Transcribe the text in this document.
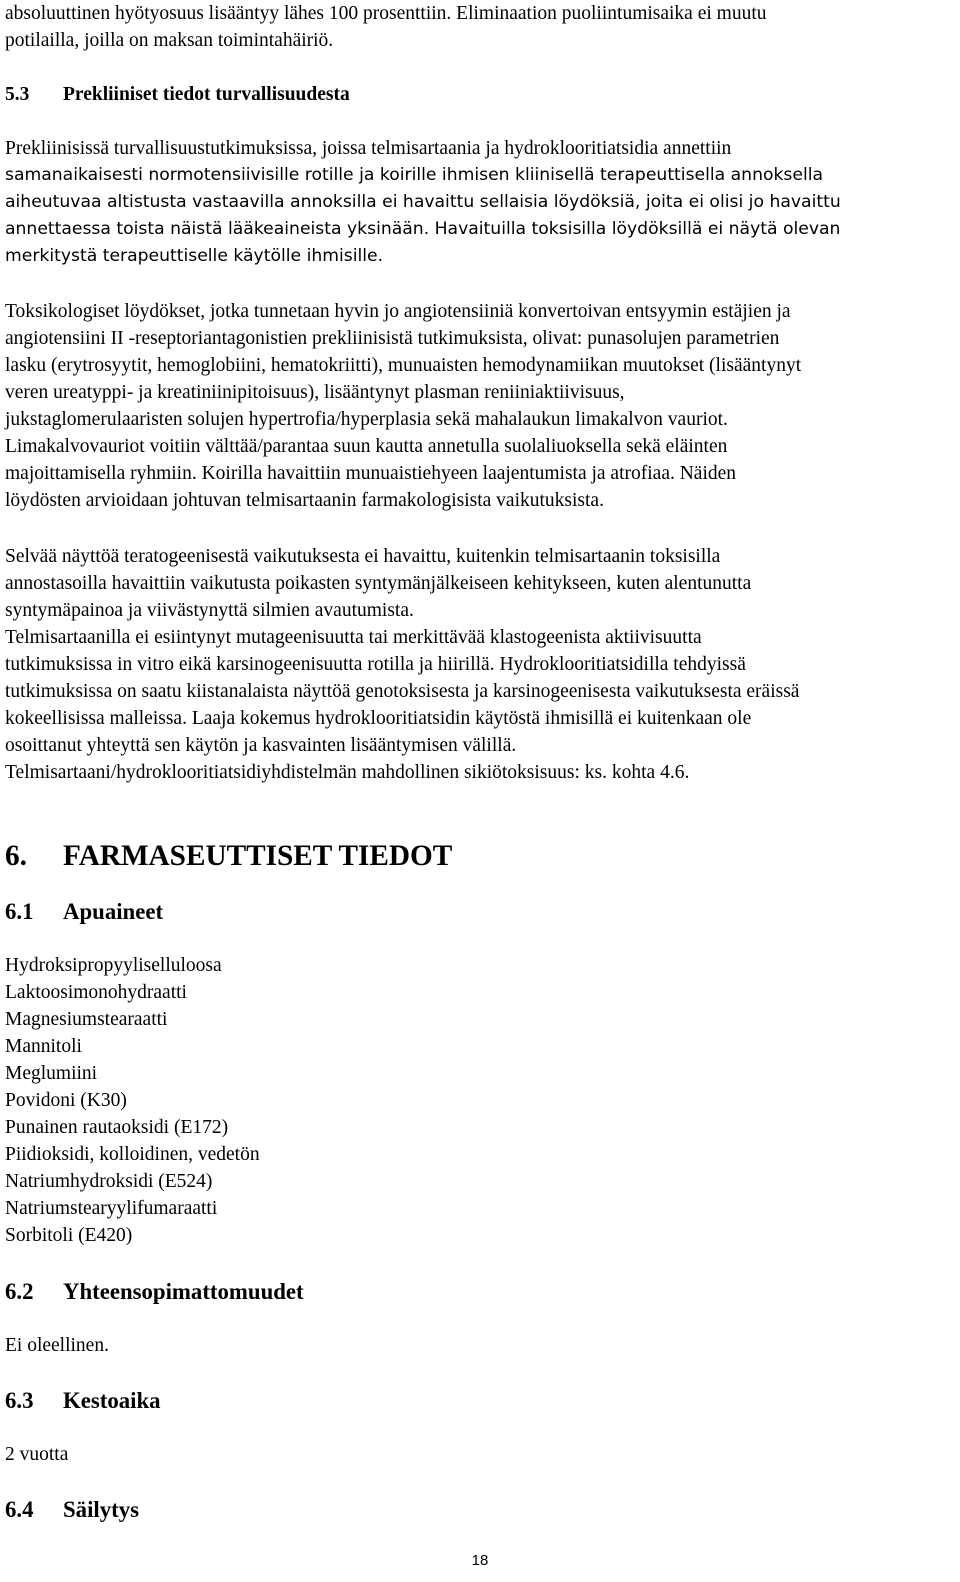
absoluuttinen hyötyosuus lisääntyy lähes 100 prosenttiin. Eliminaation puoliintumisaika ei muutu

potilailla, joilla on maksan toimintahäiriö.

5.3 Prekliiniset tiedot turvallisuudesta

Prekliinisissä turvallisuustutkimuksissa, joissa telmisartaania ja hydroklooritiatsidia annettiin

samanaikaisesti normotensiivisille rotille ja koirille ihmisen kliinisellä terapeuttisella annoksella

aiheutuvaa altistusta vastaavilla annoksilla ei havaittu sellaisia löydöksiä, joita ei olisi jo havaittu

annettaessa toista näistä lääkeaineista yksinään. Havaituilla toksisilla löydöksillä ei näytä olevan

merkitystä terapeuttiselle käytölle ihmisille.

Toksikologiset löydökset, jotka tunnetaan hyvin jo angiotensiiniä konvertoivan entsyymin estäjien ja

angiotensiini II -reseptoriantagonistien prekliinisistä tutkimuksista, olivat: punasolujen parametrien

lasku (erytrosyytit, hemoglobiini, hematokriitti), munuaisten hemodynamiikan muutokset (lisääntynyt

veren ureatyppi- ja kreatiniinipitoisuus), lisääntynyt plasman reniiniaktiivisuus,

jukstaglomerulaaristen solujen hypertrofia/hyperplasia sekä mahalaukun limakalvon vauriot.

Limakalvovauriot voitiin välttää/parantaa suun kautta annetulla suolaliuoksella sekä eläinten

majoittamisella ryhmiin. Koirilla havaittiin munuaistiehyeen laajentumista ja atrofiaa. Näiden

löydösten arvioidaan johtuvan telmisartaanin farmakologisista vaikutuksista.

Selvää näyttöä teratogeenisestä vaikutuksesta ei havaittu, kuitenkin telmisartaanin toksisilla

annostasoilla havaittiin vaikutusta poikasten syntymänjälkeiseen kehitykseen, kuten alentunutta

syntymäpainoa ja viivästynyttä silmien avautumista.

Telmisartaanilla ei esiintynyt mutageenisuutta tai merkittävää klastogeenista aktiivisuutta

tutkimuksissa in vitro eikä karsinogeenisuutta rotilla ja hiirillä. Hydroklooritiatsidilla tehdyissä

tutkimuksissa on saatu kiistanalaista näyttöä genotoksisesta ja karsinogeenisesta vaikutuksesta eräissä

kokeellisissa malleissa. Laaja kokemus hydroklooritiatsidin käytöstä ihmisillä ei kuitenkaan ole

osoittanut yhteyttä sen käytön ja kasvainten lisääntymisen välillä.

Telmisartaani/hydroklooritiatsidiyhdistelmän mahdollinen sikiötoksisuus: ks. kohta 4.6.

6. FARMASEUTTISET TIEDOT
6.1 Apuaineet

Hydroksipropyyliselluloosa

Laktoosimonohydraatti

Magnesiumstearaatti

Mannitoli

Meglumiini

Povidoni (K30)

Punainen rautaoksidi (E172)

Piidioksidi, kolloidinen, vedetön

Natriumhydroksidi (E524)

Natriumstearyylifumaraatti

Sorbitoli (E420)

6.2 Yhteensopimattomuudet

Ei oleellinen.

6.3 Kestoaika

2 vuotta

6.4 Säilytys
18
